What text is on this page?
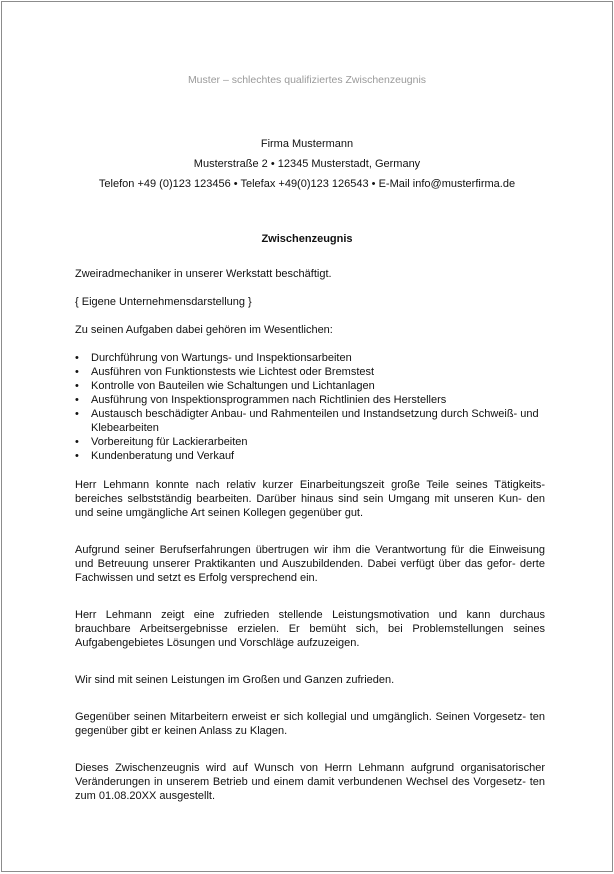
Muster – schlechtes qualifiziertes Zwischenzeugnis
Firma Mustermann
Musterstraße 2 • 12345 Musterstadt, Germany
Telefon +49 (0)123 123456 • Telefax +49(0)123 126543 • E-Mail info@musterfirma.de
Zwischenzeugnis
Zweiradmechaniker in unserer Werkstatt beschäftigt.
{ Eigene Unternehmensdarstellung }
Zu seinen Aufgaben dabei gehören im Wesentlichen:
• Durchführung von Wartungs- und Inspektionsarbeiten
• Ausführen von Funktionstests wie Lichtest oder Bremstest
• Kontrolle von Bauteilen wie Schaltungen und Lichtanlagen
• Ausführung von Inspektionsprogrammen nach Richtlinien des Herstellers
• Austausch beschädigter Anbau- und Rahmenteilen und Instandsetzung durch Schweiß- und Klebearbeiten
• Vorbereitung für Lackierarbeiten
• Kundenberatung und Verkauf
Herr Lehmann konnte nach relativ kurzer Einarbeitungszeit große Teile seines Tätigkeits- bereiches selbstständig bearbeiten. Darüber hinaus sind sein Umgang mit unseren Kun- den und seine umgängliche Art seinen Kollegen gegenüber gut.
Aufgrund seiner Berufserfahrungen übertrugen wir ihm die Verantwortung für die Einweisung und Betreuung unserer Praktikanten und Auszubildenden. Dabei verfügt über das gefor- derte Fachwissen und setzt es Erfolg versprechend ein.
Herr Lehmann zeigt eine zufrieden stellende Leistungsmotivation und kann durchaus brauchbare Arbeitsergebnisse erzielen. Er bemüht sich, bei Problemstellungen seines Aufgabengebietes Lösungen und Vorschläge aufzuzeigen.
Wir sind mit seinen Leistungen im Großen und Ganzen zufrieden.
Gegenüber seinen Mitarbeitern erweist er sich kollegial und umgänglich. Seinen Vorgesetz- ten gegenüber gibt er keinen Anlass zu Klagen.
Dieses Zwischenzeugnis wird auf Wunsch von Herrn Lehmann aufgrund organisatorischer Veränderungen in unserem Betrieb und einem damit verbundenen Wechsel des Vorgesetz- ten zum 01.08.20XX ausgestellt.
